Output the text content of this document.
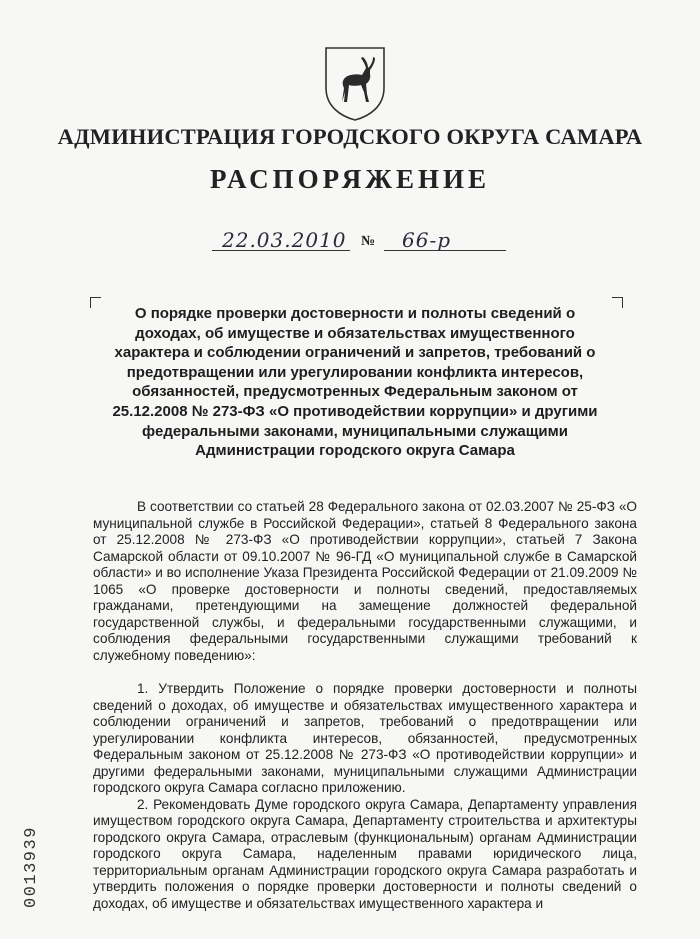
АДМИНИСТРАЦИЯ ГОРОДСКОГО ОКРУГА САМАРА
РАСПОРЯЖЕНИЕ
22.03.2010 № 66-р
О порядке проверки достоверности и полноты сведений о доходах, об имуществе и обязательствах имущественного характера и соблюдении ограничений и запретов, требований о предотвращении или урегулировании конфликта интересов, обязанностей, предусмотренных Федеральным законом от 25.12.2008 № 273-ФЗ «О противодействии коррупции» и другими федеральными законами, муниципальными служащими Администрации городского округа Самара

В соответствии со статьей 28 Федерального закона от 02.03.2007 № 25-ФЗ «О муниципальной службе в Российской Федерации», статьей 8 Федерального закона от 25.12.2008 № 273-ФЗ «О противодействии коррупции», статьей 7 Закона Самарской области от 09.10.2007 № 96-ГД «О муниципальной службе в Самарской области» и во исполнение Указа Президента Российской Федерации от 21.09.2009 № 1065 «О проверке достоверности и полноты сведений, предоставляемых гражданами, претендующими на замещение должностей федеральной государственной службы, и федеральными государственными служащими, и соблюдения федеральными государственными служащими требований к служебному поведению»:

1. Утвердить Положение о порядке проверки достоверности и полноты сведений о доходах, об имуществе и обязательствах имущественного характера и соблюдении ограничений и запретов, требований о предотвращении или урегулировании конфликта интересов, обязанностей, предусмотренных Федеральным законом от 25.12.2008 № 273-ФЗ «О противодействии коррупции» и другими федеральными законами, муниципальными служащими Администрации городского округа Самара согласно приложению.

2. Рекомендовать Думе городского округа Самара, Департаменту управления имуществом городского округа Самара, Департаменту строительства и архитектуры городского округа Самара, отраслевым (функциональным) органам Администрации городского округа Самара, наделенным правами юридического лица, территориальным органам Администрации городского округа Самара разработать и утвердить положения о порядке проверки достоверности и полноты сведений о доходах, об имуществе и обязательствах имущественного характера и

0013939
